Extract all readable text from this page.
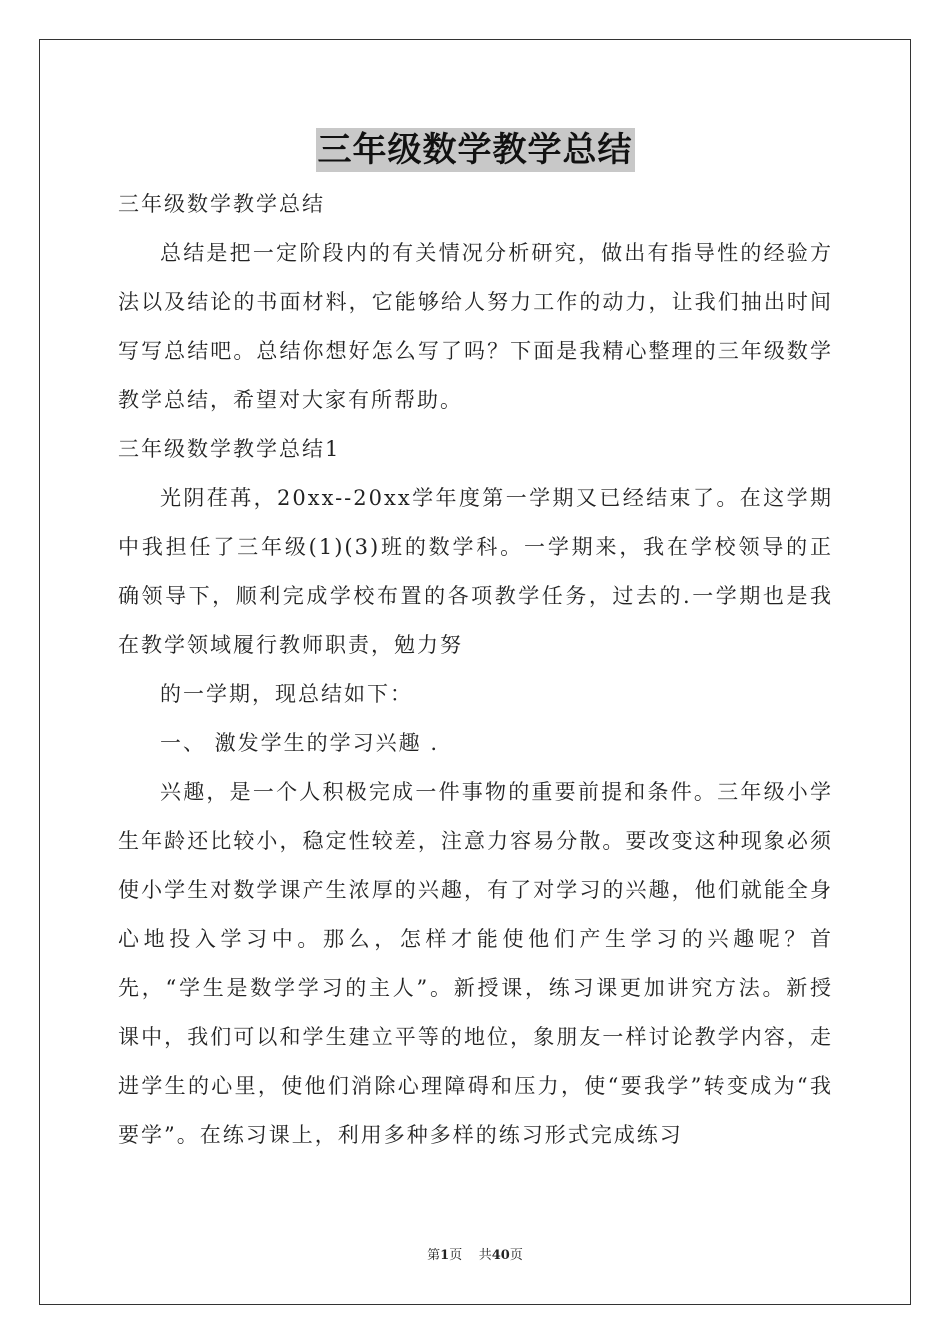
三年级数学教学总结

三年级数学教学总结

总结是把一定阶段内的有关情况分析研究，做出有指导性的经验方法以及结论的书面材料，它能够给人努力工作的动力，让我们抽出时间写写总结吧。总结你想好怎么写了吗？下面是我精心整理的三年级数学教学总结，希望对大家有所帮助。

三年级数学教学总结1

光阴荏苒，20xx--20xx学年度第一学期又已经结束了。在这学期中我担任了三年级(1)(3)班的数学科。一学期来，我在学校领导的正确领导下，顺利完成学校布置的各项教学任务，过去的.一学期也是我在教学领域履行教师职责，勉力努

的一学期，现总结如下：

一、 激发学生的学习兴趣 .

兴趣，是一个人积极完成一件事物的重要前提和条件。三年级小学生年龄还比较小，稳定性较差，注意力容易分散。要改变这种现象必须使小学生对数学课产生浓厚的兴趣，有了对学习的兴趣，他们就能全身心地投入学习中。那么，怎样才能使他们产生学习的兴趣呢？首先，“学生是数学学习的主人”。新授课，练习课更加讲究方法。新授课中，我们可以和学生建立平等的地位，象朋友一样讨论教学内容，走进学生的心里，使他们消除心理障碍和压力，使“要我学”转变成为“我要学”。在练习课上，利用多种多样的练习形式完成练习

第1页 共40页
